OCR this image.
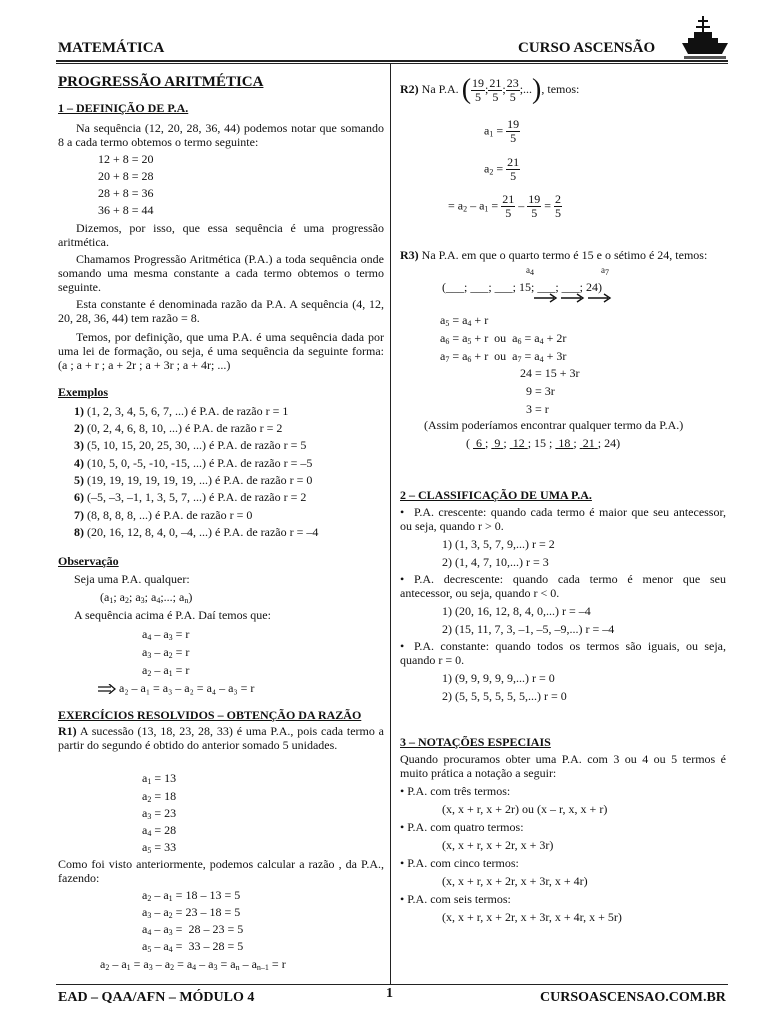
MATEMÁTICA	CURSO ASCENSÃO
PROGRESSÃO ARITMÉTICA
1 – DEFINIÇÃO DE P.A.
Na sequência (12, 20, 28, 36, 44) podemos notar que somando 8 a cada termo obtemos o termo seguinte:
12 + 8 = 20
20 + 8 = 28
28 + 8 = 36
36 + 8 = 44
Dizemos, por isso, que essa sequência é uma progressão aritmética.
Chamamos Progressão Aritmética (P.A.) a toda sequência onde somando uma mesma constante a cada termo obtemos o termo seguinte.
Esta constante é denominada razão da P.A. A sequência (4, 12, 20, 28, 36, 44) tem razão = 8.
Temos, por definição, que uma P.A. é uma sequência dada por uma lei de formação, ou seja, é uma sequência da seguinte forma: (a ; a + r ; a + 2r ; a + 3r ; a + 4r; ...)
Exemplos
1) (1, 2, 3, 4, 5, 6, 7, ...) é P.A. de razão r = 1
2) (0, 2, 4, 6, 8, 10, ...) é P.A. de razão r = 2
3) (5, 10, 15, 20, 25, 30, ...) é P.A. de razão r = 5
4) (10, 5, 0, -5, -10, -15, ...) é P.A. de razão r = –5
5) (19, 19, 19, 19, 19, 19, ...) é P.A. de razão r = 0
6) (–5, –3, –1, 1, 3, 5, 7, ...) é P.A. de razão r = 2
7) (8, 8, 8, 8, ...) é P.A. de razão r = 0
8) (20, 16, 12, 8, 4, 0, –4, ...) é P.A. de razão r = –4
Observação
Seja uma P.A. qualquer:
($a_1$; $a_2$; $a_3$; $a_4$;...; $a_n$)
A sequência acima é P.A. Daí temos que:
$a_4 - a_3 = r$
$a_3 - a_2 = r$
$a_2 - a_1 = r$
a₂ – a₁ = a₃ – a₂ = a₄ – a₃ = r
EXERCÍCIOS RESOLVIDOS – OBTENÇÃO DA RAZÃO
R1) A sucessão (13, 18, 23, 28, 33) é uma P.A., pois cada termo a partir do segundo é obtido do anterior somado 5 unidades.
$a_1 = 13$
$a_2 = 18$
$a_3 = 23$
$a_4 = 28$
$a_5 = 33$
Como foi visto anteriormente, podemos calcular a razão , da P.A., fazendo:
$a_2 - a_1 = 18 - 13 = 5$
$a_3 - a_2 = 23 - 18 = 5$
$a_4 - a_3 = 28 - 23 = 5$
$a_5 - a_4 = 33 - 28 = 5$
$a_2 - a_1 = a_3 - a_2 = a_4 - a_3 = a_n - a_{n-1} = r$
R2) Na P.A. ( $\frac{19}{5}$ ; $\frac{21}{5}$ ; $\frac{23}{5}$ ;...), temos:
$a_1 = \frac{19}{5}$
$a_2 = \frac{21}{5}$
= $a_2 - a_1 = \frac{21}{5} - \frac{19}{5} = \frac{2}{5}$
R3) Na P.A. em que o quarto termo é 15 e o sétimo é 24, temos:
$a_4$	$a_7$
(___; ___; ___; 15; ___; ___; 24)
$a_5 = a_4 + r$
$a_6 = a_5 + r$  ou  $a_6 = a_4 + 2r$
$a_7 = a_6 + r$  ou  $a_7 = a_4 + 3r$
24 = 15 + 3r
9 = 3r
3 = r
(Assim poderíamos encontrar qualquer termo da P.A.)
(  6 ;  9 ;  12 ; 15 ;  18 ;  21 ; 24)
2 – CLASSIFICAÇÃO DE UMA P.A.
• P.A. crescente: quando cada termo é maior que seu antecessor, ou seja, quando r > 0.
1) (1, 3, 5, 7, 9,...) r = 2
2) (1, 4, 7, 10,...) r = 3
• P.A. decrescente: quando cada termo é menor que seu antecessor, ou seja, quando r < 0.
1) (20, 16, 12, 8, 4, 0,...) r = –4
2) (15, 11, 7, 3, –1, –5, –9,...) r = –4
• P.A. constante: quando todos os termos são iguais, ou seja, quando r = 0.
1) (9, 9, 9, 9, 9,...) r = 0
2) (5, 5, 5, 5, 5, 5,...) r = 0
3 – NOTAÇÕES ESPECIAIS
Quando procuramos obter uma P.A. com 3 ou 4 ou 5 termos é muito prática a notação a seguir:
• P.A. com três termos:
(x, x + r, x + 2r) ou (x – r, x, x + r)
• P.A. com quatro termos:
(x, x + r, x + 2r, x + 3r)
• P.A. com cinco termos:
(x, x + r, x + 2r, x + 3r, x + 4r)
• P.A. com seis termos:
(x, x + r, x + 2r, x + 3r, x + 4r, x + 5r)
EAD – QAA/AFN – MÓDULO 4	1	CURSOASCENSAO.COM.BR
